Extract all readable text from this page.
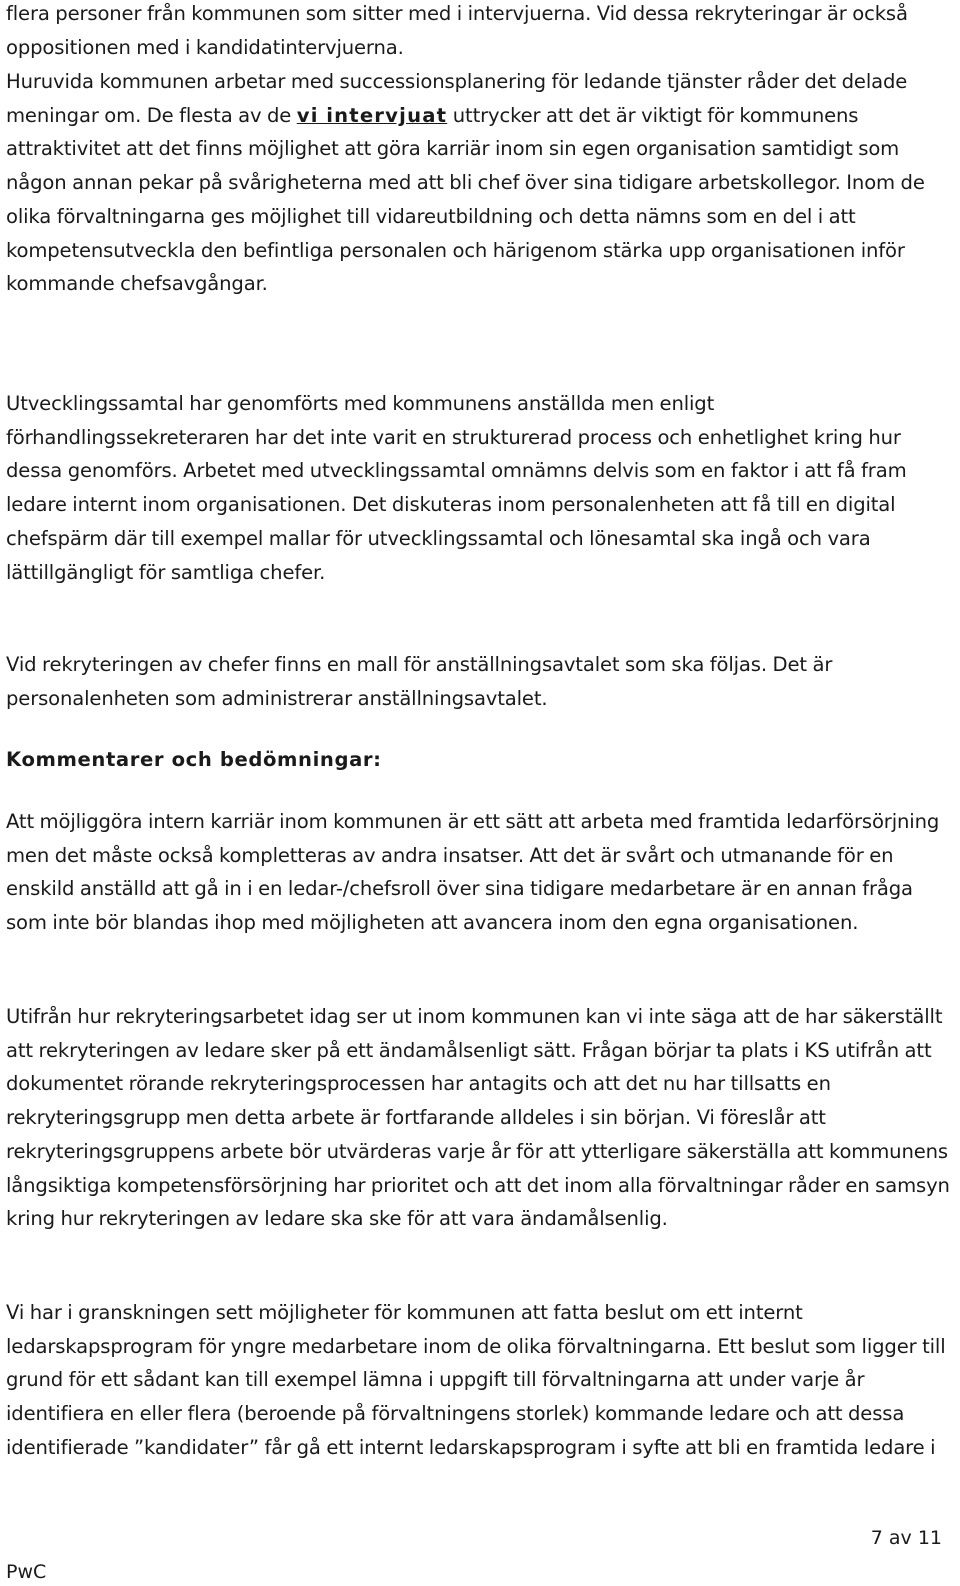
flera personer från kommunen som sitter med i intervjuerna. Vid dessa rekryteringar är också oppositionen med i kandidatintervjuerna.

Huruvida kommunen arbetar med successionsplanering för ledande tjänster råder det delade meningar om. De flesta av de vi intervjuat uttrycker att det är viktigt för kommunens attraktivitet att det finns möjlighet att göra karriär inom sin egen organisation samtidigt som någon annan pekar på svårigheterna med att bli chef över sina tidigare arbetskollegor. Inom de olika förvaltningarna ges möjlighet till vidareutbildning och detta nämns som en del i att kompetensutveckla den befintliga personalen och härigenom stärka upp organisationen inför kommande chefsavgångar.

Utvecklingssamtal har genomförts med kommunens anställda men enligt förhandlingssekreteraren har det inte varit en strukturerad process och enhetlighet kring hur dessa genomförs. Arbetet med utvecklingssamtal omnämns delvis som en faktor i att få fram ledare internt inom organisationen. Det diskuteras inom personalenheten att få till en digital chefspärm där till exempel mallar för utvecklingssamtal och lönesamtal ska ingå och vara lättillgängligt för samtliga chefer.

Vid rekryteringen av chefer finns en mall för anställningsavtalet som ska följas. Det är personalenheten som administrerar anställningsavtalet.

Kommentarer och bedömningar:

Att möjliggöra intern karriär inom kommunen är ett sätt att arbeta med framtida ledarförsörjning men det måste också kompletteras av andra insatser. Att det är svårt och utmanande för en enskild anställd att gå in i en ledar-/chefsroll över sina tidigare medarbetare är en annan fråga som inte bör blandas ihop med möjligheten att avancera inom den egna organisationen.

Utifrån hur rekryteringsarbetet idag ser ut inom kommunen kan vi inte säga att de har säkerställt att rekryteringen av ledare sker på ett ändamålsenligt sätt. Frågan börjar ta plats i KS utifrån att dokumentet rörande rekryteringsprocessen har antagits och att det nu har tillsatts en rekryteringsgrupp men detta arbete är fortfarande alldeles i sin början. Vi föreslår att rekryteringsgruppens arbete bör utvärderas varje år för att ytterligare säkerställa att kommunens långsiktiga kompetensförsörjning har prioritet och att det inom alla förvaltningar råder en samsyn kring hur rekryteringen av ledare ska ske för att vara ändamålsenlig.

Vi har i granskningen sett möjligheter för kommunen att fatta beslut om ett internt ledarskapsprogram för yngre medarbetare inom de olika förvaltningarna. Ett beslut som ligger till grund för ett sådant kan till exempel lämna i uppgift till förvaltningarna att under varje år identifiera en eller flera (beroende på förvaltningens storlek) kommande ledare och att dessa identifierade ”kandidater” får gå ett internt ledarskapsprogram i syfte att bli en framtida ledare i

7 av 11
PwC
